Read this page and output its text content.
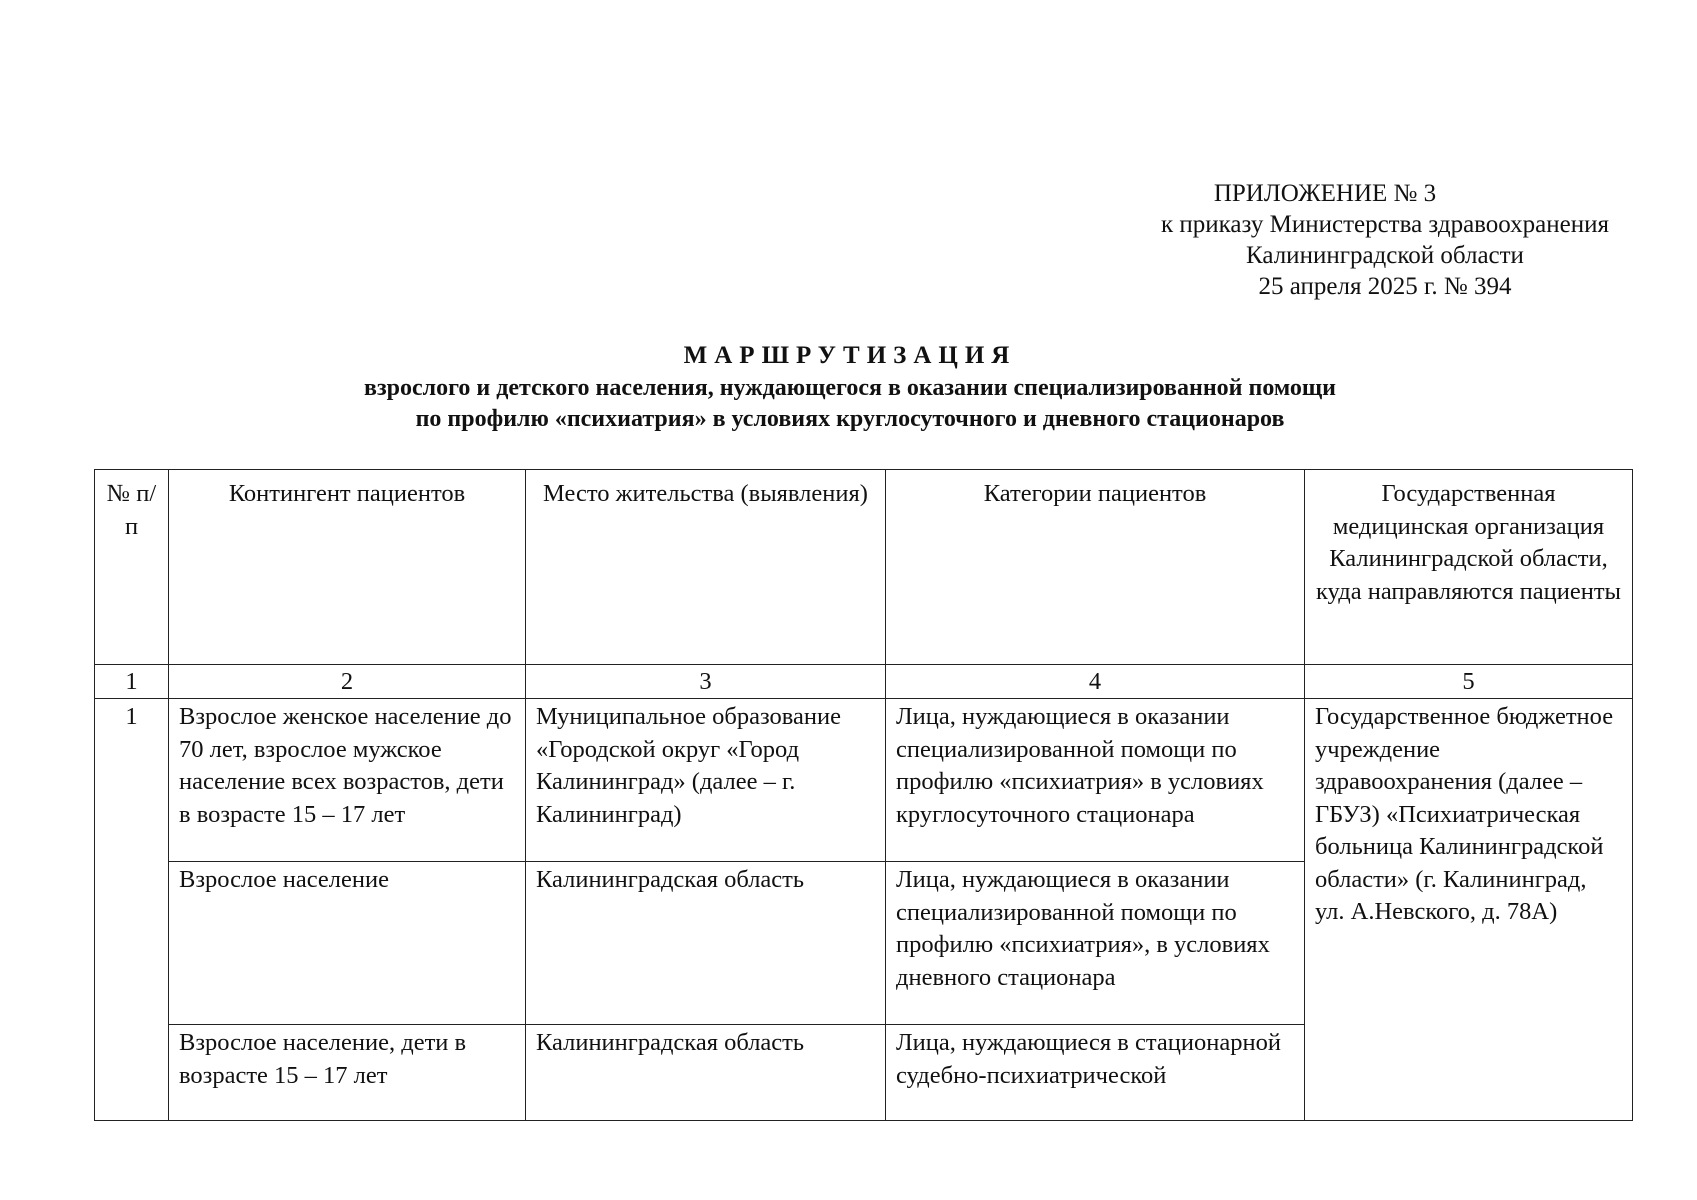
ПРИЛОЖЕНИЕ № 3
к приказу Министерства здравоохранения
Калининградской области
25 апреля 2025 г. № 394
МАРШРУТИЗАЦИЯ
взрослого и детского населения, нуждающегося в оказании специализированной помощи
по профилю «психиатрия» в условиях круглосуточного и дневного стационаров
№ п/п	Контингент пациентов	Место жительства (выявления)	Категории пациентов	Государственная медицинская организация Калининградской области, куда направляются пациенты
1	2	3	4	5
1	Взрослое женское население до 70 лет, взрослое мужское население всех возрастов, дети в возрасте 15 – 17 лет	Муниципальное образование «Городской округ «Город Калининград» (далее – г. Калининград)	Лица, нуждающиеся в оказании специализированной помощи по профилю «психиатрия» в условиях круглосуточного стационара	Государственное бюджетное учреждение здравоохранения (далее – ГБУЗ) «Психиатрическая больница Калининградской области» (г. Калининград, ул. А.Невского, д. 78А)
	Взрослое население	Калининградская область	Лица, нуждающиеся в оказании специализированной помощи по профилю «психиатрия», в условиях дневного стационара	
	Взрослое население, дети в возрасте 15 – 17 лет	Калининградская область	Лица, нуждающиеся в стационарной судебно-психиатрической	
